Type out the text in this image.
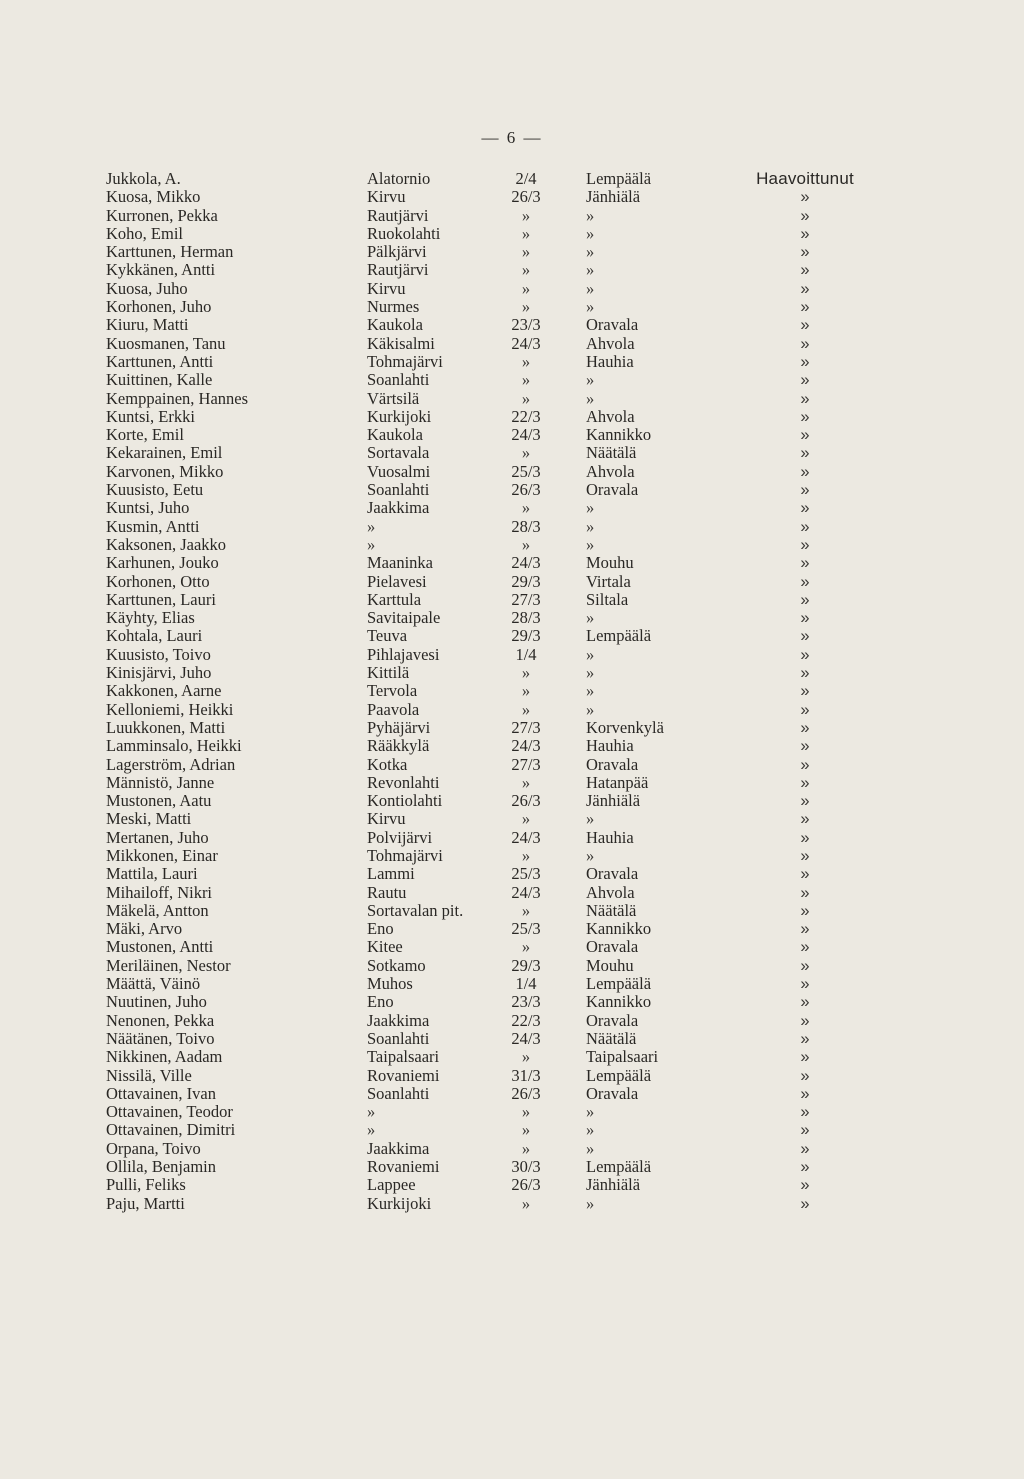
— 6 —
Jukkola, A.	Alatornio	2/4	Lempäälä	Haavoittunut
Kuosa, Mikko	Kirvu	26/3	Jänhiälä	»
Kurronen, Pekka	Rautjärvi	»	»	»
Koho, Emil	Ruokolahti	»	»	»
Karttunen, Herman	Pälkjärvi	»	»	»
Kykkänen, Antti	Rautjärvi	»	»	»
Kuosa, Juho	Kirvu	»	»	»
Korhonen, Juho	Nurmes	»	»	»
Kiuru, Matti	Kaukola	23/3	Oravala	»
Kuosmanen, Tanu	Käkisalmi	24/3	Ahvola	»
Karttunen, Antti	Tohmajärvi	»	Hauhia	»
Kuittinen, Kalle	Soanlahti	»	»	»
Kemppainen, Hannes	Värtsilä	»	»	»
Kuntsi, Erkki	Kurkijoki	22/3	Ahvola	»
Korte, Emil	Kaukola	24/3	Kannikko	»
Kekarainen, Emil	Sortavala	»	Näätälä	»
Karvonen, Mikko	Vuosalmi	25/3	Ahvola	»
Kuusisto, Eetu	Soanlahti	26/3	Oravala	»
Kuntsi, Juho	Jaakkima	»	»	»
Kusmin, Antti	»	28/3	»	»
Kaksonen, Jaakko	»	»	»	»
Karhunen, Jouko	Maaninka	24/3	Mouhu	»
Korhonen, Otto	Pielavesi	29/3	Virtala	»
Karttunen, Lauri	Karttula	27/3	Siltala	»
Käyhty, Elias	Savitaipale	28/3	»	»
Kohtala, Lauri	Teuva	29/3	Lempäälä	»
Kuusisto, Toivo	Pihlajavesi	1/4	»	»
Kinisjärvi, Juho	Kittilä	»	»	»
Kakkonen, Aarne	Tervola	»	»	»
Kelloniemi, Heikki	Paavola	»	»	»
Luukkonen, Matti	Pyhäjärvi	27/3	Korvenkylä	»
Lamminsalo, Heikki	Rääkkylä	24/3	Hauhia	»
Lagerström, Adrian	Kotka	27/3	Oravala	»
Männistö, Janne	Revonlahti	»	Hatanpää	»
Mustonen, Aatu	Kontiolahti	26/3	Jänhiälä	»
Meski, Matti	Kirvu	»	»	»
Mertanen, Juho	Polvijärvi	24/3	Hauhia	»
Mikkonen, Einar	Tohmajärvi	»	»	»
Mattila, Lauri	Lammi	25/3	Oravala	»
Mihailoff, Nikri	Rautu	24/3	Ahvola	»
Mäkelä, Antton	Sortavalan pit.	»	Näätälä	»
Mäki, Arvo	Eno	25/3	Kannikko	»
Mustonen, Antti	Kitee	»	Oravala	»
Meriläinen, Nestor	Sotkamo	29/3	Mouhu	»
Määttä, Väinö	Muhos	1/4	Lempäälä	»
Nuutinen, Juho	Eno	23/3	Kannikko	»
Nenonen, Pekka	Jaakkima	22/3	Oravala	»
Näätänen, Toivo	Soanlahti	24/3	Näätälä	»
Nikkinen, Aadam	Taipalsaari	»	Taipalsaari	»
Nissilä, Ville	Rovaniemi	31/3	Lempäälä	»
Ottavainen, Ivan	Soanlahti	26/3	Oravala	»
Ottavainen, Teodor	»	»	»	»
Ottavainen, Dimitri	»	»	»	»
Orpana, Toivo	Jaakkima	»	»	»
Ollila, Benjamin	Rovaniemi	30/3	Lempäälä	»
Pulli, Feliks	Lappee	26/3	Jänhiälä	»
Paju, Martti	Kurkijoki	»	»	»
